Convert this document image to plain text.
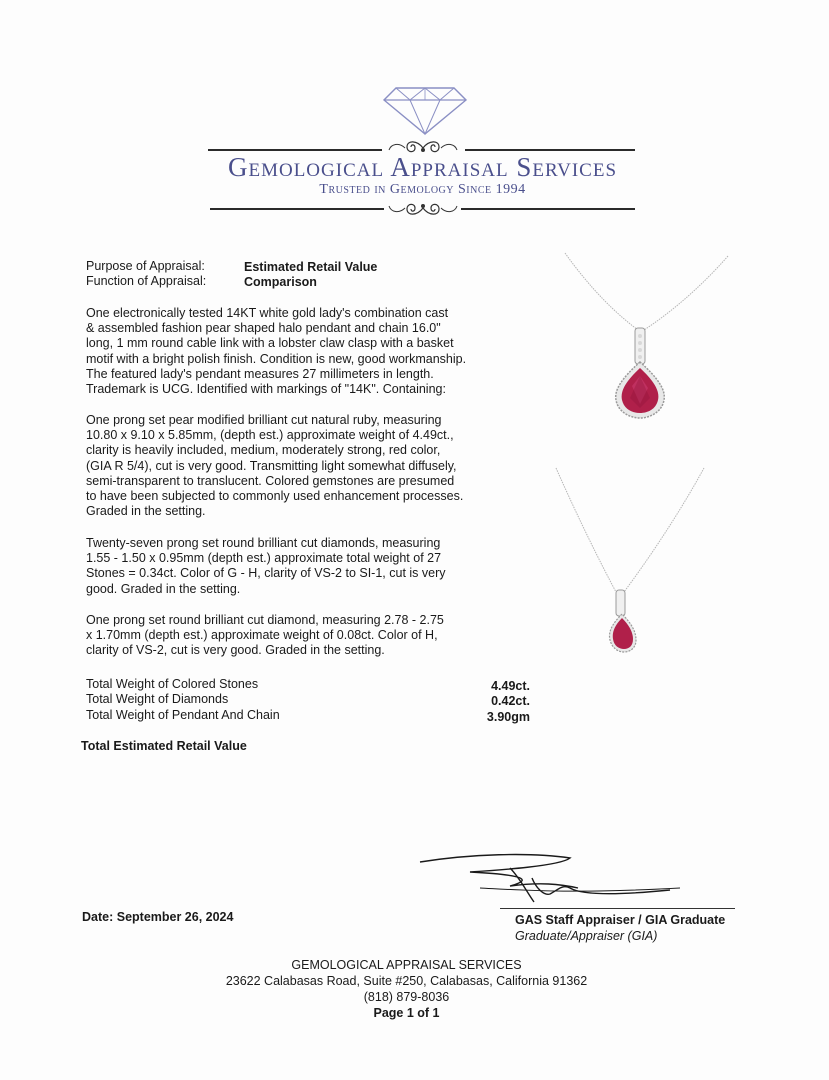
Gemological Appraisal Services
Trusted in Gemology Since 1994
Purpose of Appraisal:	Estimated Retail Value
Function of Appraisal:	Comparison
One electronically tested 14KT white gold lady's combination cast
& assembled fashion pear shaped halo pendant and chain 16.0"
long, 1 mm round cable link with a lobster claw clasp with a basket
motif with a bright polish finish. Condition is new, good workmanship.
The featured lady's pendant measures 27 millimeters in length.
Trademark is UCG. Identified with markings of "14K". Containing:
One prong set pear modified brilliant cut natural ruby, measuring
10.80 x 9.10 x 5.85mm, (depth est.) approximate weight of 4.49ct.,
clarity is heavily included, medium, moderately strong, red color,
(GIA R 5/4), cut is very good. Transmitting light somewhat diffusely,
semi-transparent to translucent. Colored gemstones are presumed
to have been subjected to commonly used enhancement processes.
Graded in the setting.
Twenty-seven prong set round brilliant cut diamonds, measuring
1.55 - 1.50 x 0.95mm (depth est.) approximate total weight of 27
Stones = 0.34ct. Color of G - H, clarity of VS-2 to SI-1, cut is very
good. Graded in the setting.
One prong set round brilliant cut diamond, measuring 2.78 - 2.75
x 1.70mm (depth est.) approximate weight of 0.08ct. Color of H,
clarity of VS-2, cut is very good. Graded in the setting.
Total Weight of Colored Stones	4.49ct.
Total Weight of Diamonds	0.42ct.
Total Weight of Pendant And Chain	3.90gm
Total Estimated Retail Value
Date: September 26, 2024	GAS Staff Appraiser / GIA Graduate
Graduate/Appraiser (GIA)
GEMOLOGICAL APPRAISAL SERVICES
23622 Calabasas Road, Suite #250, Calabasas, California 91362
(818) 879-8036
Page 1 of 1
